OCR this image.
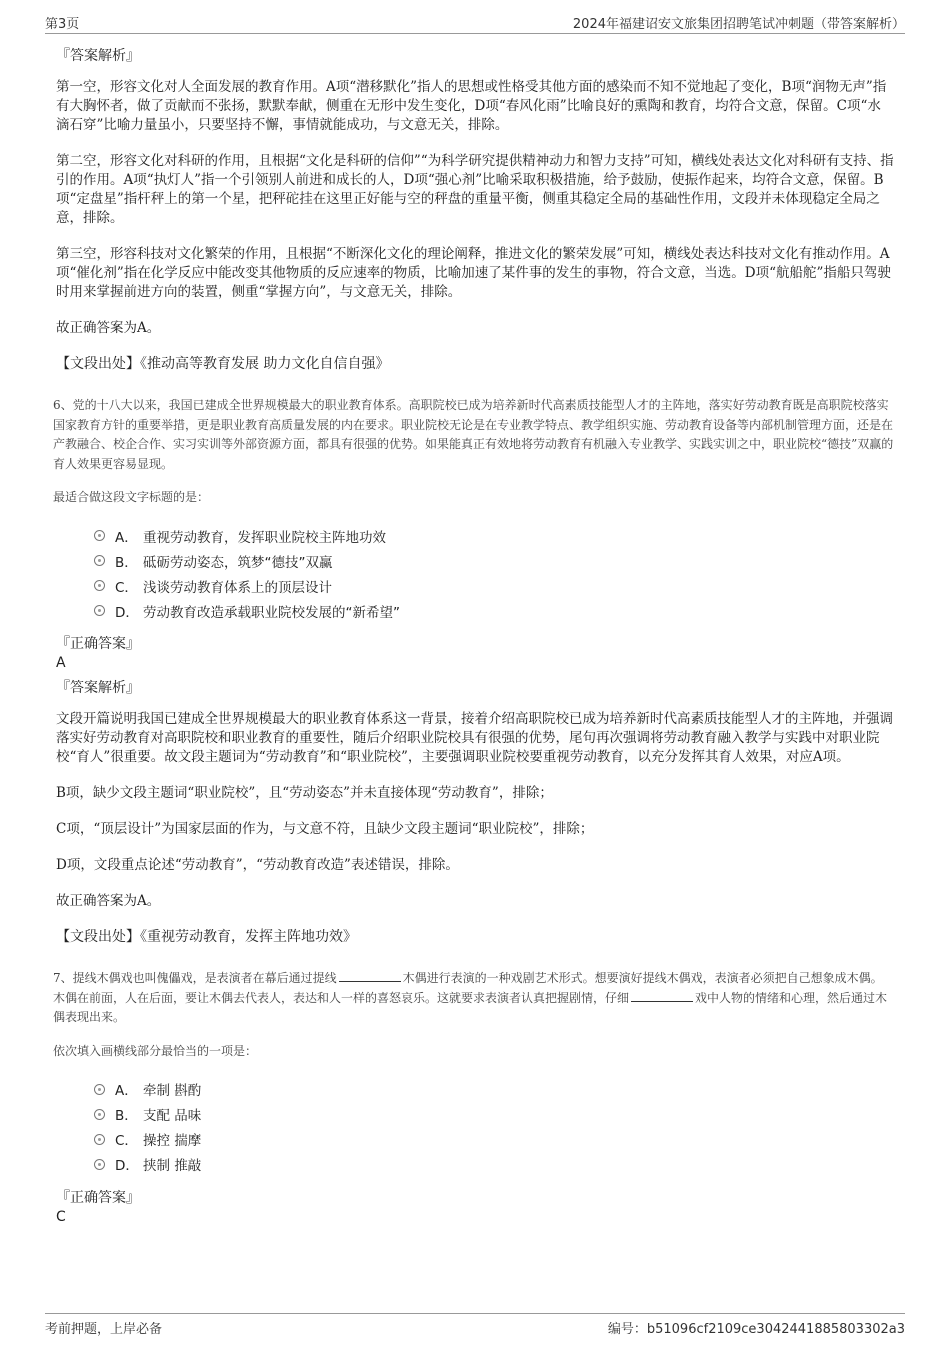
第3页	2024年福建诏安文旅集团招聘笔试冲刺题（带答案解析）
『答案解析』

第一空，形容文化对人全面发展的教育作用。A项“潜移默化”指人的思想或性格受其他方面的感染而不知不觉地起了变化，B项“润物无声”指有大胸怀者，做了贡献而不张扬，默默奉献，侧重在无形中发生变化，D项“春风化雨”比喻良好的熏陶和教育，均符合文意，保留。C项“水滴石穿”比喻力量虽小，只要坚持不懈，事情就能成功，与文意无关，排除。

第二空，形容文化对科研的作用，且根据“文化是科研的信仰”“为科学研究提供精神动力和智力支持”可知，横线处表达文化对科研有支持、指引的作用。A项“执灯人”指一个引领别人前进和成长的人，D项“强心剂”比喻采取积极措施，给予鼓励，使振作起来，均符合文意，保留。B项“定盘星”指杆秤上的第一个星，把秤砣挂在这里正好能与空的秤盘的重量平衡，侧重其稳定全局的基础性作用，文段并未体现稳定全局之意，排除。

第三空，形容科技对文化繁荣的作用，且根据“不断深化文化的理论阐释，推进文化的繁荣发展”可知，横线处表达科技对文化有推动作用。A项“催化剂”指在化学反应中能改变其他物质的反应速率的物质，比喻加速了某件事的发生的事物，符合文意，当选。D项“航船舵”指船只驾驶时用来掌握前进方向的装置，侧重“掌握方向”，与文意无关，排除。

故正确答案为A。

【文段出处】《推动高等教育发展 助力文化自信自强》
6、党的十八大以来，我国已建成全世界规模最大的职业教育体系。高职院校已成为培养新时代高素质技能型人才的主阵地，落实好劳动教育既是高职院校落实国家教育方针的重要举措，更是职业教育高质量发展的内在要求。职业院校无论是在专业教学特点、教学组织实施、劳动教育设备等内部机制管理方面，还是在产教融合、校企合作、实习实训等外部资源方面，都具有很强的优势。如果能真正有效地将劳动教育有机融入专业教学、实践实训之中，职业院校“德技”双赢的育人效果更容易显现。
最适合做这段文字标题的是：
A． 重视劳动教育，发挥职业院校主阵地功效
B． 砥砺劳动姿态，筑梦“德技”双赢
C． 浅谈劳动教育体系上的顶层设计
D． 劳动教育改造承载职业院校发展的“新希望”
『正确答案』
A
『答案解析』

文段开篇说明我国已建成全世界规模最大的职业教育体系这一背景，接着介绍高职院校已成为培养新时代高素质技能型人才的主阵地，并强调落实好劳动教育对高职院校和职业教育的重要性，随后介绍职业院校具有很强的优势，尾句再次强调将劳动教育融入教学与实践中对职业院校“育人”很重要。故文段主题词为“劳动教育”和“职业院校”，主要强调职业院校要重视劳动教育，以充分发挥其育人效果，对应A项。

B项，缺少文段主题词“职业院校”，且“劳动姿态”并未直接体现“劳动教育”，排除；

C项，“顶层设计”为国家层面的作为，与文意不符，且缺少文段主题词“职业院校”，排除；

D项，文段重点论述“劳动教育”，“劳动教育改造”表述错误，排除。

故正确答案为A。

【文段出处】《重视劳动教育，发挥主阵地功效》
7、提线木偶戏也叫傀儡戏，是表演者在幕后通过提线	木偶进行表演的一种戏剧艺术形式。想要演好提线木偶戏，表演者必须把自己想象成木偶。木偶在前面，人在后面，要让木偶去代表人，表达和人一样的喜怒哀乐。这就要求表演者认真把握剧情，仔细	戏中人物的情绪和心理，然后通过木偶表现出来。
依次填入画横线部分最恰当的一项是：
A． 牵制 斟酌
B． 支配 品味
C． 操控 揣摩
D． 挟制 推敲
『正确答案』
C
考前押题，上岸必备	编号：b51096cf2109ce3042441885803302a3
